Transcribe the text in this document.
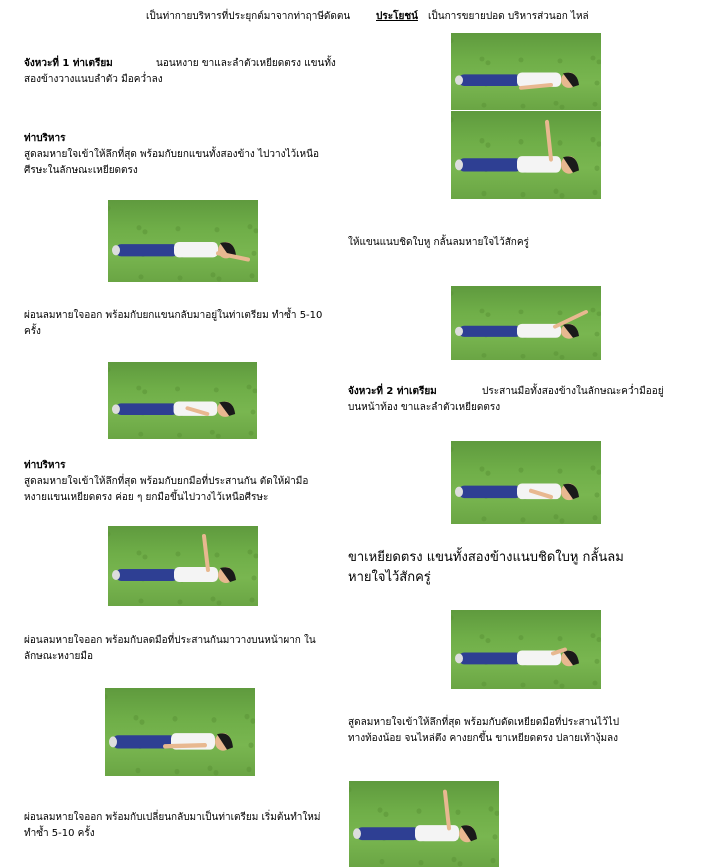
เป็นท่ากายบริหารที่ประยุกต์มาจากท่าฤาษีดัดตน	ประโยชน์ เป็นการขยายปอด บริหารส่วนอก ไหล่
จังหวะที่ 1 ท่าเตรียม	นอนหงาย ขาและลำตัวเหยียดตรง แขนทั้ง
สองข้างวางแนบลำตัว มือคว่ำลง
ท่าบริหาร
สูดลมหายใจเข้าให้ลึกที่สุด พร้อมกับยกแขนทั้งสองข้าง ไปวางไว้เหนือ
ศีรษะในลักษณะเหยียดตรง
ให้แขนแนบชิดใบหู กลั้นลมหายใจไว้สักครู่
ผ่อนลมหายใจออก พร้อมกับยกแขนกลับมาอยู่ในท่าเตรียม ทำซ้ำ 5-10
ครั้ง
จังหวะที่ 2 ท่าเตรียม	ประสานมือทั้งสองข้างในลักษณะคว่ำมืออยู่
บนหน้าท้อง ขาและลำตัวเหยียดตรง
ท่าบริหาร
สูดลมหายใจเข้าให้ลึกที่สุด พร้อมกับยกมือที่ประสานกัน ตัดให้ฝ่ามือ
หงายแขนเหยียดตรง ค่อย ๆ ยกมือขึ้นไปวางไว้เหนือศีรษะ
ขาเหยียดตรง แขนทั้งสองข้างแนบชิดใบหู กลั้นลม
หายใจไว้สักครู่
ผ่อนลมหายใจออก พร้อมกับลดมือที่ประสานกันมาวางบนหน้าผาก ใน
ลักษณะหงายมือ
สูดลมหายใจเข้าให้ลึกที่สุด พร้อมกับดัดเหยียดมือที่ประสานไว้ไป
ทางท้องน้อย จนไหล่ตึง คางยกขึ้น ขาเหยียดตรง ปลายเท้างุ้มลง
ผ่อนลมหายใจออก พร้อมกับเปลี่ยนกลับมาเป็นท่าเตรียม เริ่มต้นทำใหม่
ทำซ้ำ 5-10 ครั้ง
